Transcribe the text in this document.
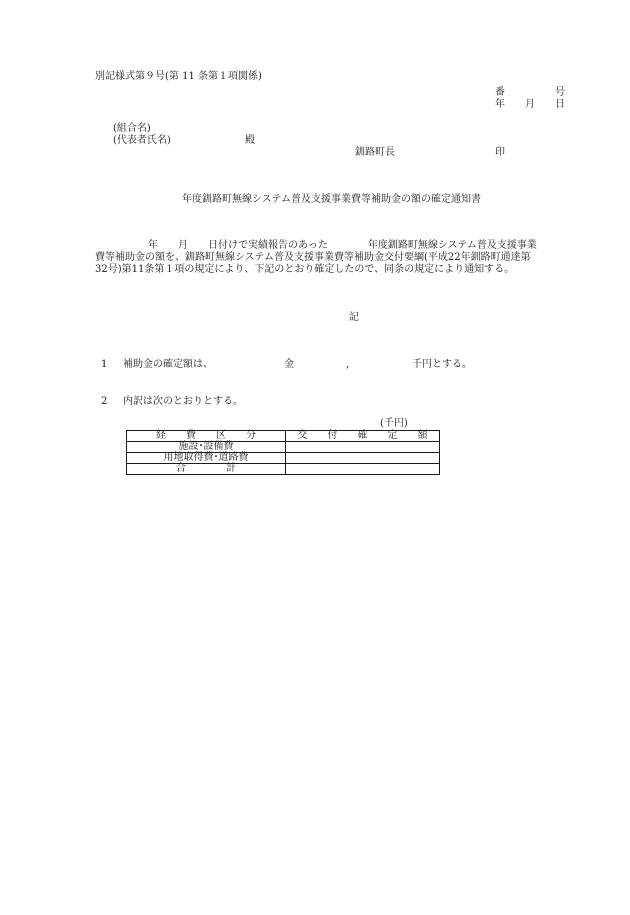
別記様式第９号(第 11 条第１項関係)
番　　　　　号
年　　月　　日
(組合名)
(代表者氏名)	殿
釧路町長	印
年度釧路町無線システム普及支援事業費等補助金の額の確定通知書
年　　月　　日付けで実績報告のあった　　　　年度釧路町無線システム普及支援事業
費等補助金の額を、釧路町無線システム普及支援事業費等補助金交付要綱(平成22年釧路町通達第
32号)第11条第１項の規定により、下記のとおり確定したので、同条の規定により通知する。
記
1 補助金の確定額は、	金	,	千円とする。
2 内訳は次のとおりとする。
(千円)
経　　費　　区　　分	交　　付　　確　　定　　額
施設･設備費	
用地取得費･道路費	
合　　　　計	
